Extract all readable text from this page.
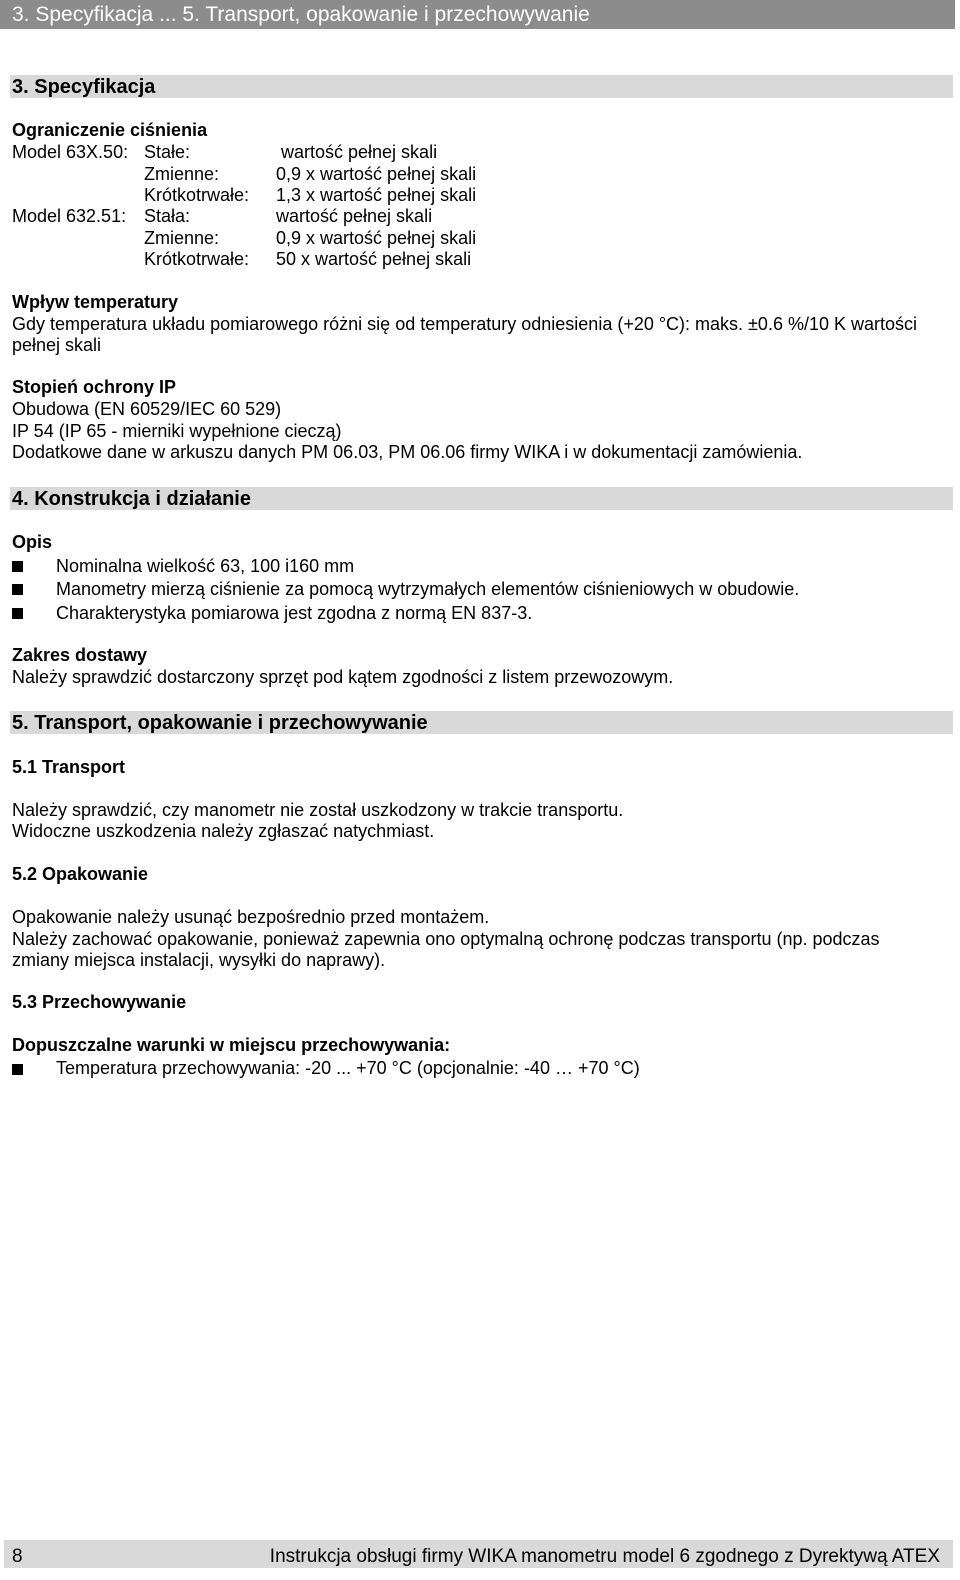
3. Specyfikacja ... 5. Transport, opakowanie i przechowywanie
3. Specyfikacja
Ograniczenie ciśnienia
Model 63X.50: Stałe:	wartość pełnej skali
Zmienne:	0,9 x wartość pełnej skali
Krótkotrwałe: 1,3 x wartość pełnej skali
Model 632.51: Stała:	wartość pełnej skali
Zmienne:	0,9 x wartość pełnej skali
Krótkotrwałe: 50 x wartość pełnej skali
Wpływ temperatury
Gdy temperatura układu pomiarowego różni się od temperatury odniesienia (+20 °C): maks. ±0.6 %/10 K wartości
pełnej skali
Stopień ochrony IP
Obudowa (EN 60529/IEC 60 529)
IP 54 (IP 65 - mierniki wypełnione cieczą)
Dodatkowe dane w arkuszu danych PM 06.03, PM 06.06 firmy WIKA i w dokumentacji zamówienia.
4. Konstrukcja i działanie
Opis
Nominalna wielkość 63, 100 i160 mm
Manometry mierzą ciśnienie za pomocą wytrzymałych elementów ciśnieniowych w obudowie.
Charakterystyka pomiarowa jest zgodna z normą EN 837-3.
Zakres dostawy
Należy sprawdzić dostarczony sprzęt pod kątem zgodności z listem przewozowym.
5. Transport, opakowanie i przechowywanie
5.1 Transport
Należy sprawdzić, czy manometr nie został uszkodzony w trakcie transportu.
Widoczne uszkodzenia należy zgłaszać natychmiast.
5.2 Opakowanie
Opakowanie należy usunąć bezpośrednio przed montażem.
Należy zachować opakowanie, ponieważ zapewnia ono optymalną ochronę podczas transportu (np. podczas
zmiany miejsca instalacji, wysyłki do naprawy).
5.3 Przechowywanie
Dopuszczalne warunki w miejscu przechowywania:
Temperatura przechowywania: -20 ... +70 °C (opcjonalnie: -40 … +70 °C)
8	Instrukcja obsługi firmy WIKA manometru model 6 zgodnego z Dyrektywą ATEX
